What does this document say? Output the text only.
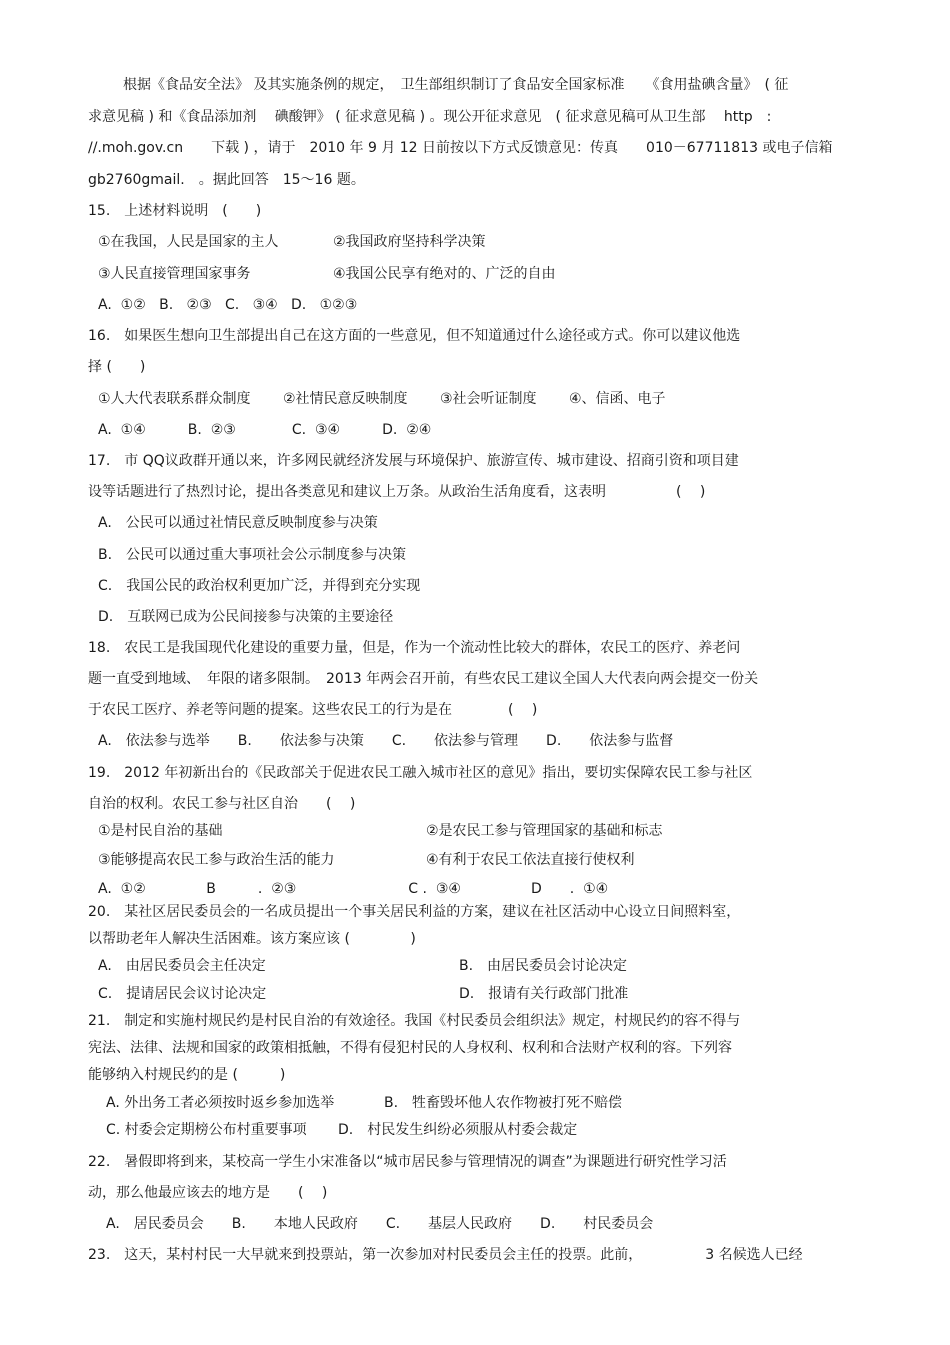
根据《食品安全法》 及其实施条例的规定，　卫生部组织制订了食品安全国家标准　　《食用盐碘含量》　( 征
求意见稿 ) 和《食品添加剂　 碘酸钾》 ( 征求意见稿 ) 。现公开征求意见　( 征求意见稿可从卫生部　 http　:
//.moh.gov.cn　　下载 ) ，请于　2010 年 9 月 12 日前按以下方式反馈意见：传真　　010－67711813 或电子信箱
gb2760gmail.　。据此回答　15～16 题。
15.　上述材料说明　(　　)
①在我国，人民是国家的主人	②我国政府坚持科学决策
③人民直接管理国家事务	④我国公民享有绝对的、广泛的自由
A.  ①②   B.   ②③   C.   ③④   D.   ①②③
16.　如果医生想向卫生部提出自己在这方面的一些意见，但不知道通过什么途径或方式。你可以建议他选
择 (　　)
①人大代表联系群众制度　　 ②社情民意反映制度　　 ③社会听证制度　　 ④、信函、电子
A.  ①④　　　B.  ②③　　　　C.  ③④　　　D.  ②④
17.　市 QQ议政群开通以来，许多网民就经济发展与环境保护、旅游宣传、城市建设、招商引资和项目建
设等话题进行了热烈讨论，提出各类意见和建议上万条。从政治生活角度看，这表明　　　　　(　 )
A.　公民可以通过社情民意反映制度参与决策
B.　公民可以通过重大事项社会公示制度参与决策
C.　我国公民的政治权利更加广泛，并得到充分实现
D.　互联网已成为公民间接参与决策的主要途径
18.　农民工是我国现代化建设的重要力量，但是，作为一个流动性比较大的群体，农民工的医疗、养老问
题一直受到地域、　年限的诸多限制。　2013 年两会召开前，有些农民工建议全国人大代表向两会提交一份关
于农民工医疗、养老等问题的提案。这些农民工的行为是在　　　　(　 )
A.　依法参与选举　　B.　　依法参与决策　　C.　　依法参与管理　　D.　　依法参与监督
19.　2012 年初新出台的《民政部关于促进农民工融入城市社区的意见》指出，要切实保障农民工参与社区
自治的权利。农民工参与社区自治　　(　 )
①是村民自治的基础	②是农民工参与管理国家的基础和标志
③能够提高农民工参与政治生活的能力	④有利于农民工依法直接行使权利
A.  ①②　　　　 B　　　.  ②③　　　　　　　　C .  ③④　　　　　D　　.  ①④
20.　某社区居民委员会的一名成员提出一个事关居民利益的方案，建议在社区活动中心设立日间照料室，
以帮助老年人解决生活困难。该方案应该 (　　　　 )
A.　由居民委员会主任决定	B.　由居民委员会讨论决定
C.　提请居民会议讨论决定	D.　报请有关行政部门批准
21.　制定和实施村规民约是村民自治的有效途径。我国《村民委员会组织法》规定，村规民约的容不得与
宪法、法律、法规和国家的政策相抵触，不得有侵犯村民的人身权利、权利和合法财产权利的容。下列容
能够纳入村规民约的是 (　　　)
A. 外出务工者必须按时返乡参加选举	B.　牲畜毁坏他人农作物被打死不赔偿
C. 村委会定期榜公布村重要事项 D.　村民发生纠纷必须服从村委会裁定
22.　暑假即将到来，某校高一学生小宋准备以“城市居民参与管理情况的调查”为课题进行研究性学习活
动，那么他最应该去的地方是　　(　 )
A.　居民委员会　　B.　　本地人民政府　　C.　　基层人民政府　　D.　　村民委员会
23.　这天，某村村民一大早就来到投票站，第一次参加对村民委员会主任的投票。此前，　　　　　3 名候选人已经
